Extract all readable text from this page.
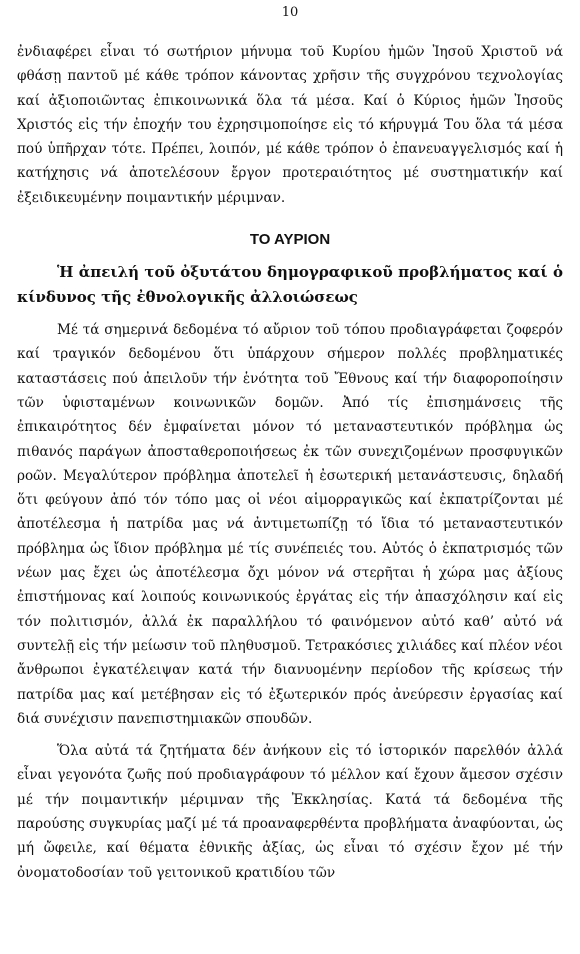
10

ἐνδιαφέρει εἶναι τό σωτήριον μήνυμα τοῦ Κυρίου ἡμῶν Ἰησοῦ Χριστοῦ νά φθάσῃ παντοῦ μέ κάθε τρόπον κάνοντας χρῆσιν τῆς συγχρόνου τεχνολογίας καί ἀξιοποιῶντας ἐπικοινωνικά ὅλα τά μέσα. Καί ὁ Κύριος ἡμῶν Ἰησοῦς Χριστός εἰς τήν ἐποχήν του ἐχρησιμοποίησε εἰς τό κήρυγμά Του ὅλα τά μέσα πού ὑπῆρχαν τότε. Πρέπει, λοιπόν, μέ κάθε τρόπον ὁ ἐπανευαγγελισμός καί ἡ κατήχησις νά ἀποτελέσουν ἔργον προτεραιότητος μέ συστηματικήν καί ἐξειδικευμένην ποιμαντικήν μέριμναν.

ΤΟ ΑΥΡΙΟΝ
Ἡ ἀπειλή τοῦ ὀξυτάτου δημογραφικοῦ προβλήματος καί ὁ κίνδυνος τῆς ἐθνολογικῆς ἀλλοιώσεως

Μέ τά σημερινά δεδομένα τό αὔριον τοῦ τόπου προδιαγράφεται ζοφερόν καί τραγικόν δεδομένου ὅτι ὑπάρχουν σήμερον πολλές προβληματικές καταστάσεις πού ἀπειλοῦν τήν ἑνότητα τοῦ Ἔθνους καί τήν διαφοροποίησιν τῶν ὑφισταμένων κοινωνικῶν δομῶν. Ἀπό τίς ἐπισημάνσεις τῆς ἐπικαιρότητος δέν ἐμφαίνεται μόνον τό μεταναστευτικόν πρόβλημα ὡς πιθανός παράγων ἀποσταθεροποιήσεως ἐκ τῶν συνεχιζομένων προσφυγικῶν ροῶν. Μεγαλύτερον πρόβλημα ἀποτελεῖ ἡ ἐσωτερική μετανάστευσις, δηλαδή ὅτι φεύγουν ἀπό τόν τόπο μας οἱ νέοι αἱμορραγικῶς καί ἐκπατρίζονται μέ ἀποτέλεσμα ἡ πατρίδα μας νά ἀντιμετωπίζῃ τό ἴδια τό μεταναστευτικόν πρόβλημα ὡς ἴδιον πρόβλημα μέ τίς συνέπειές του. Αὐτός ὁ ἐκπατρισμός τῶν νέων μας ἔχει ὡς ἀποτέλεσμα ὄχι μόνον νά στερῆται ἡ χώρα μας ἀξίους ἐπιστήμονας καί λοιπούς κοινωνικούς ἐργάτας εἰς τήν ἀπασχόλησιν καί εἰς τόν πολιτισμόν, ἀλλά ἐκ παραλλήλου τό φαινόμενον αὐτό καθ’ αὐτό νά συντελῇ εἰς τήν μείωσιν τοῦ πληθυσμοῦ. Τετρακόσιες χιλιάδες καί πλέον νέοι ἄνθρωποι ἐγκατέλειψαν κατά τήν διανυομένην περίοδον τῆς κρίσεως τήν πατρίδα μας καί μετέβησαν εἰς τό ἐξωτερικόν πρός ἀνεύρεσιν ἐργασίας καί διά συνέχισιν πανεπιστημιακῶν σπουδῶν.

Ὅλα αὐτά τά ζητήματα δέν ἀνήκουν εἰς τό ἱστορικόν παρελθόν ἀλλά εἶναι γεγονότα ζωῆς πού προδιαγράφουν τό μέλλον καί ἔχουν ἄμεσον σχέσιν μέ τήν ποιμαντικήν μέριμναν τῆς Ἐκκλησίας. Κατά τά δεδομένα τῆς παρούσης συγκυρίας μαζί μέ τά προαναφερθέντα προβλήματα ἀναφύονται, ὡς μή ὤφειλε, καί θέματα ἐθνικῆς ἀξίας, ὡς εἶναι τό σχέσιν ἔχον μέ τήν ὀνοματοδοσίαν τοῦ γειτονικοῦ κρατιδίου τῶν
